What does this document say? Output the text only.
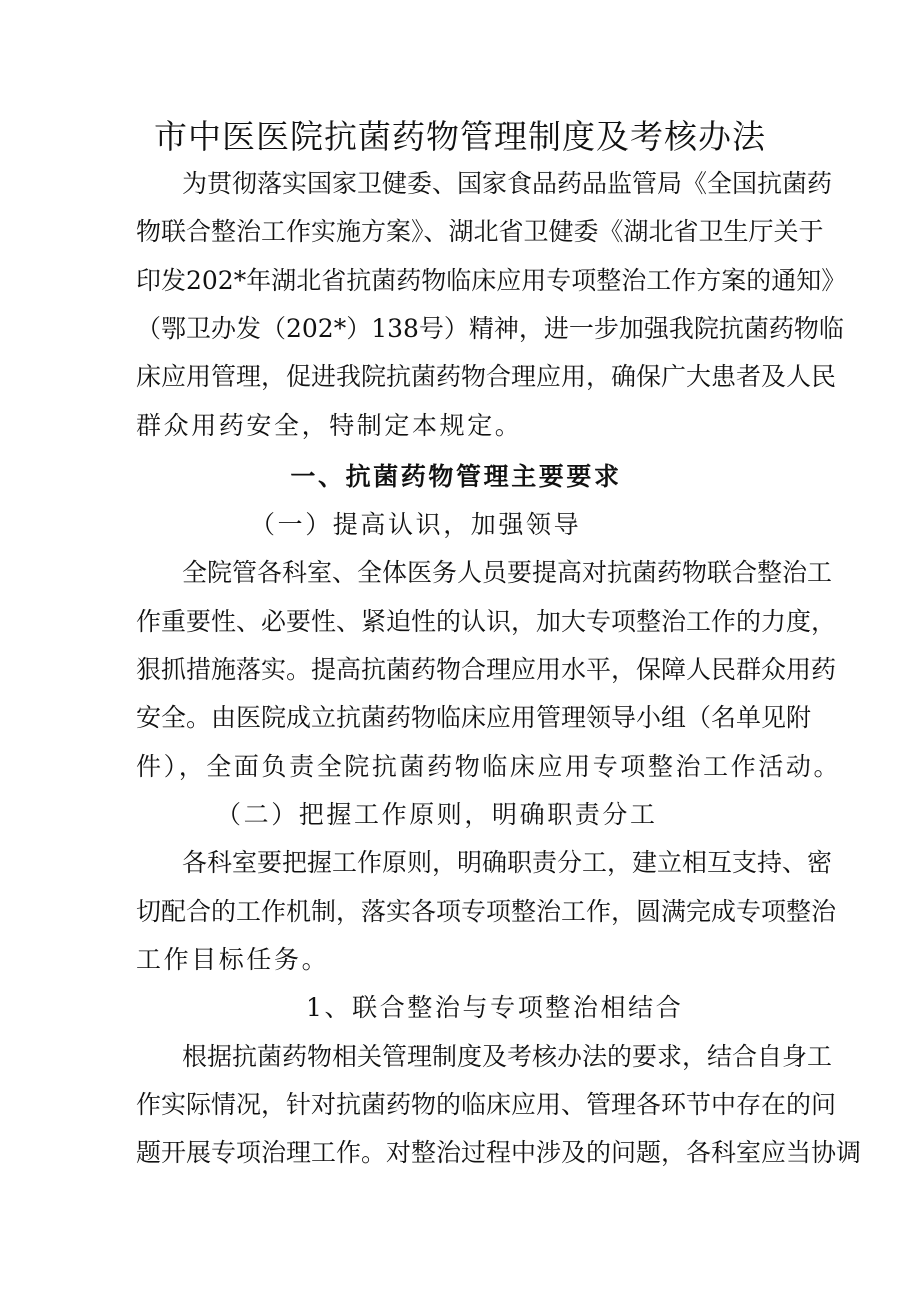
市中医医院抗菌药物管理制度及考核办法
为贯彻落实国家卫健委、国家食品药品监管局《全国抗菌药
物联合整治工作实施方案》、湖北省卫健委《湖北省卫生厅关于
印发202*年湖北省抗菌药物临床应用专项整治工作方案的通知》
（鄂卫办发（202*）138号）精神，进一步加强我院抗菌药物临
床应用管理，促进我院抗菌药物合理应用，确保广大患者及人民
群众用药安全，特制定本规定。
一、抗菌药物管理主要要求
（一）提高认识，加强领导
全院管各科室、全体医务人员要提高对抗菌药物联合整治工
作重要性、必要性、紧迫性的认识，加大专项整治工作的力度，
狠抓措施落实。提高抗菌药物合理应用水平，保障人民群众用药
安全。由医院成立抗菌药物临床应用管理领导小组（名单见附
件），全面负责全院抗菌药物临床应用专项整治工作活动。
（二）把握工作原则，明确职责分工
各科室要把握工作原则，明确职责分工，建立相互支持、密
切配合的工作机制，落实各项专项整治工作，圆满完成专项整治
工作目标任务。
1、联合整治与专项整治相结合
根据抗菌药物相关管理制度及考核办法的要求，结合自身工
作实际情况，针对抗菌药物的临床应用、管理各环节中存在的问
题开展专项治理工作。对整治过程中涉及的问题，各科室应当协调
